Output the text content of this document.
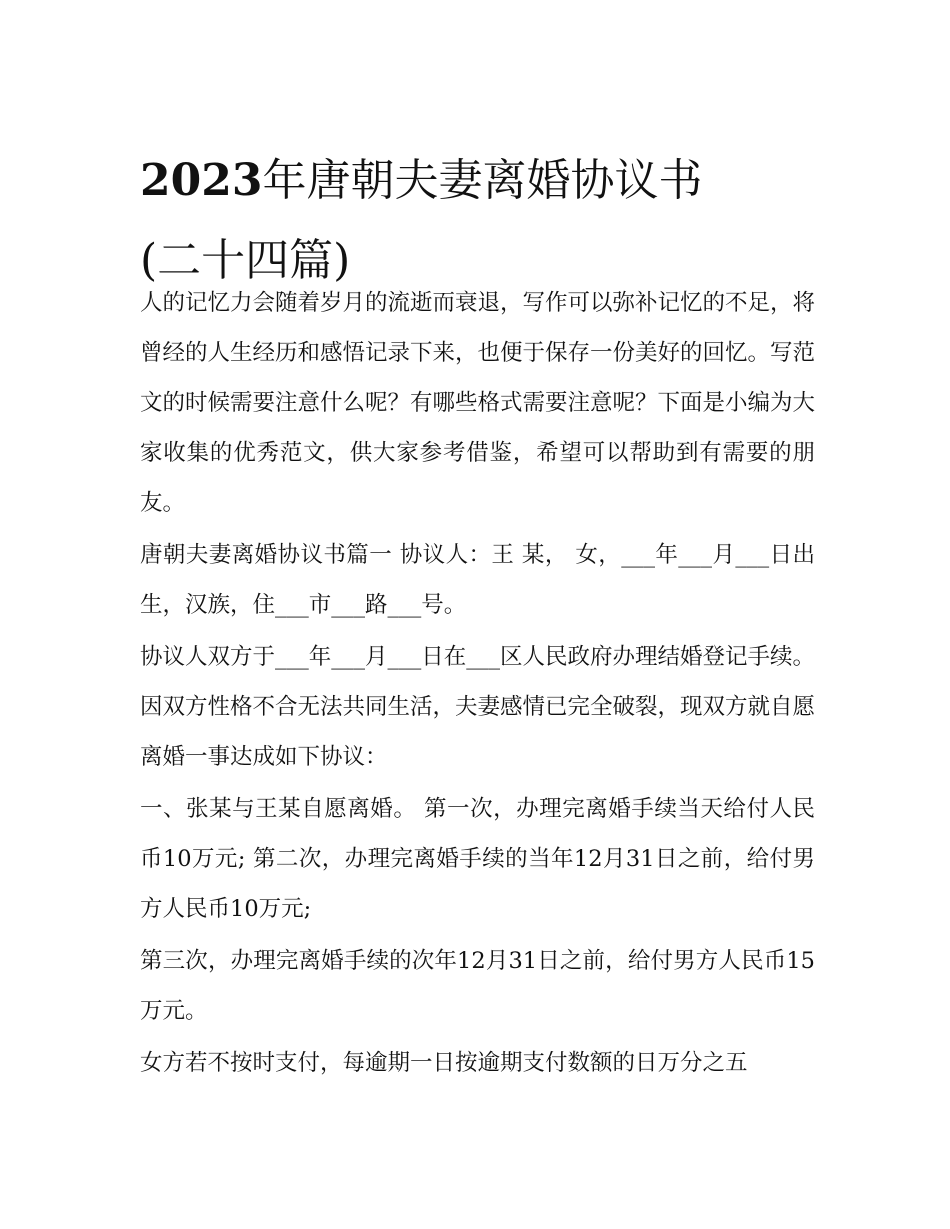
2023年唐朝夫妻离婚协议书
(二十四篇)

人的记忆力会随着岁月的流逝而衰退，写作可以弥补记忆的不足，将曾经的人生经历和感悟记录下来，也便于保存一份美好的回忆。写范文的时候需要注意什么呢？有哪些格式需要注意呢？下面是小编为大家收集的优秀范文，供大家参考借鉴，希望可以帮助到有需要的朋友。

唐朝夫妻离婚协议书篇一 协议人：王 某， 女，___年___月___日出生，汉族，住___市___路___号。

协议人双方于___年___月___日在___区人民政府办理结婚登记手续。因双方性格不合无法共同生活，夫妻感情已完全破裂，现双方就自愿离婚一事达成如下协议：

一、张某与王某自愿离婚。 第一次，办理完离婚手续当天给付人民币10万元; 第二次，办理完离婚手续的当年12月31日之前，给付男方人民币10万元;

第三次，办理完离婚手续的次年12月31日之前，给付男方人民币15万元。

女方若不按时支付，每逾期一日按逾期支付数额的日万分之五
